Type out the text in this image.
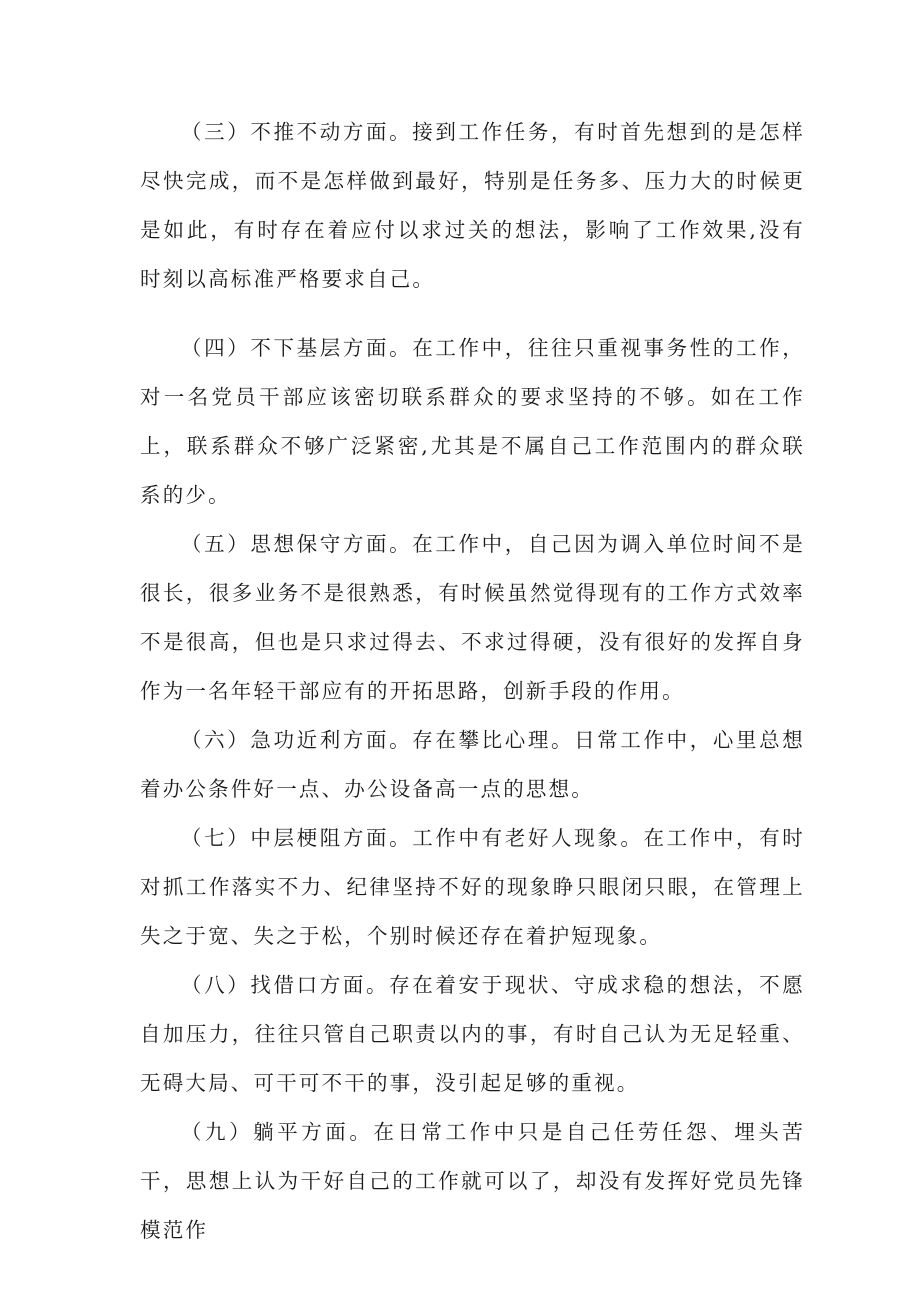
（三）不推不动方面。接到工作任务，有时首先想到的是怎样尽快完成，而不是怎样做到最好，特别是任务多、压力大的时候更是如此，有时存在着应付以求过关的想法，影响了工作效果,没有时刻以高标准严格要求自己。

（四）不下基层方面。在工作中，往往只重视事务性的工作，对一名党员干部应该密切联系群众的要求坚持的不够。如在工作上，联系群众不够广泛紧密,尤其是不属自己工作范围内的群众联系的少。

（五）思想保守方面。在工作中，自己因为调入单位时间不是很长，很多业务不是很熟悉，有时候虽然觉得现有的工作方式效率不是很高，但也是只求过得去、不求过得硬，没有很好的发挥自身作为一名年轻干部应有的开拓思路，创新手段的作用。

（六）急功近利方面。存在攀比心理。日常工作中，心里总想着办公条件好一点、办公设备高一点的思想。

（七）中层梗阻方面。工作中有老好人现象。在工作中，有时对抓工作落实不力、纪律坚持不好的现象睁只眼闭只眼，在管理上失之于宽、失之于松，个别时候还存在着护短现象。

（八）找借口方面。存在着安于现状、守成求稳的想法，不愿自加压力，往往只管自己职责以内的事，有时自己认为无足轻重、无碍大局、可干可不干的事，没引起足够的重视。

（九）躺平方面。在日常工作中只是自己任劳任怨、埋头苦干，思想上认为干好自己的工作就可以了，却没有发挥好党员先锋模范作
